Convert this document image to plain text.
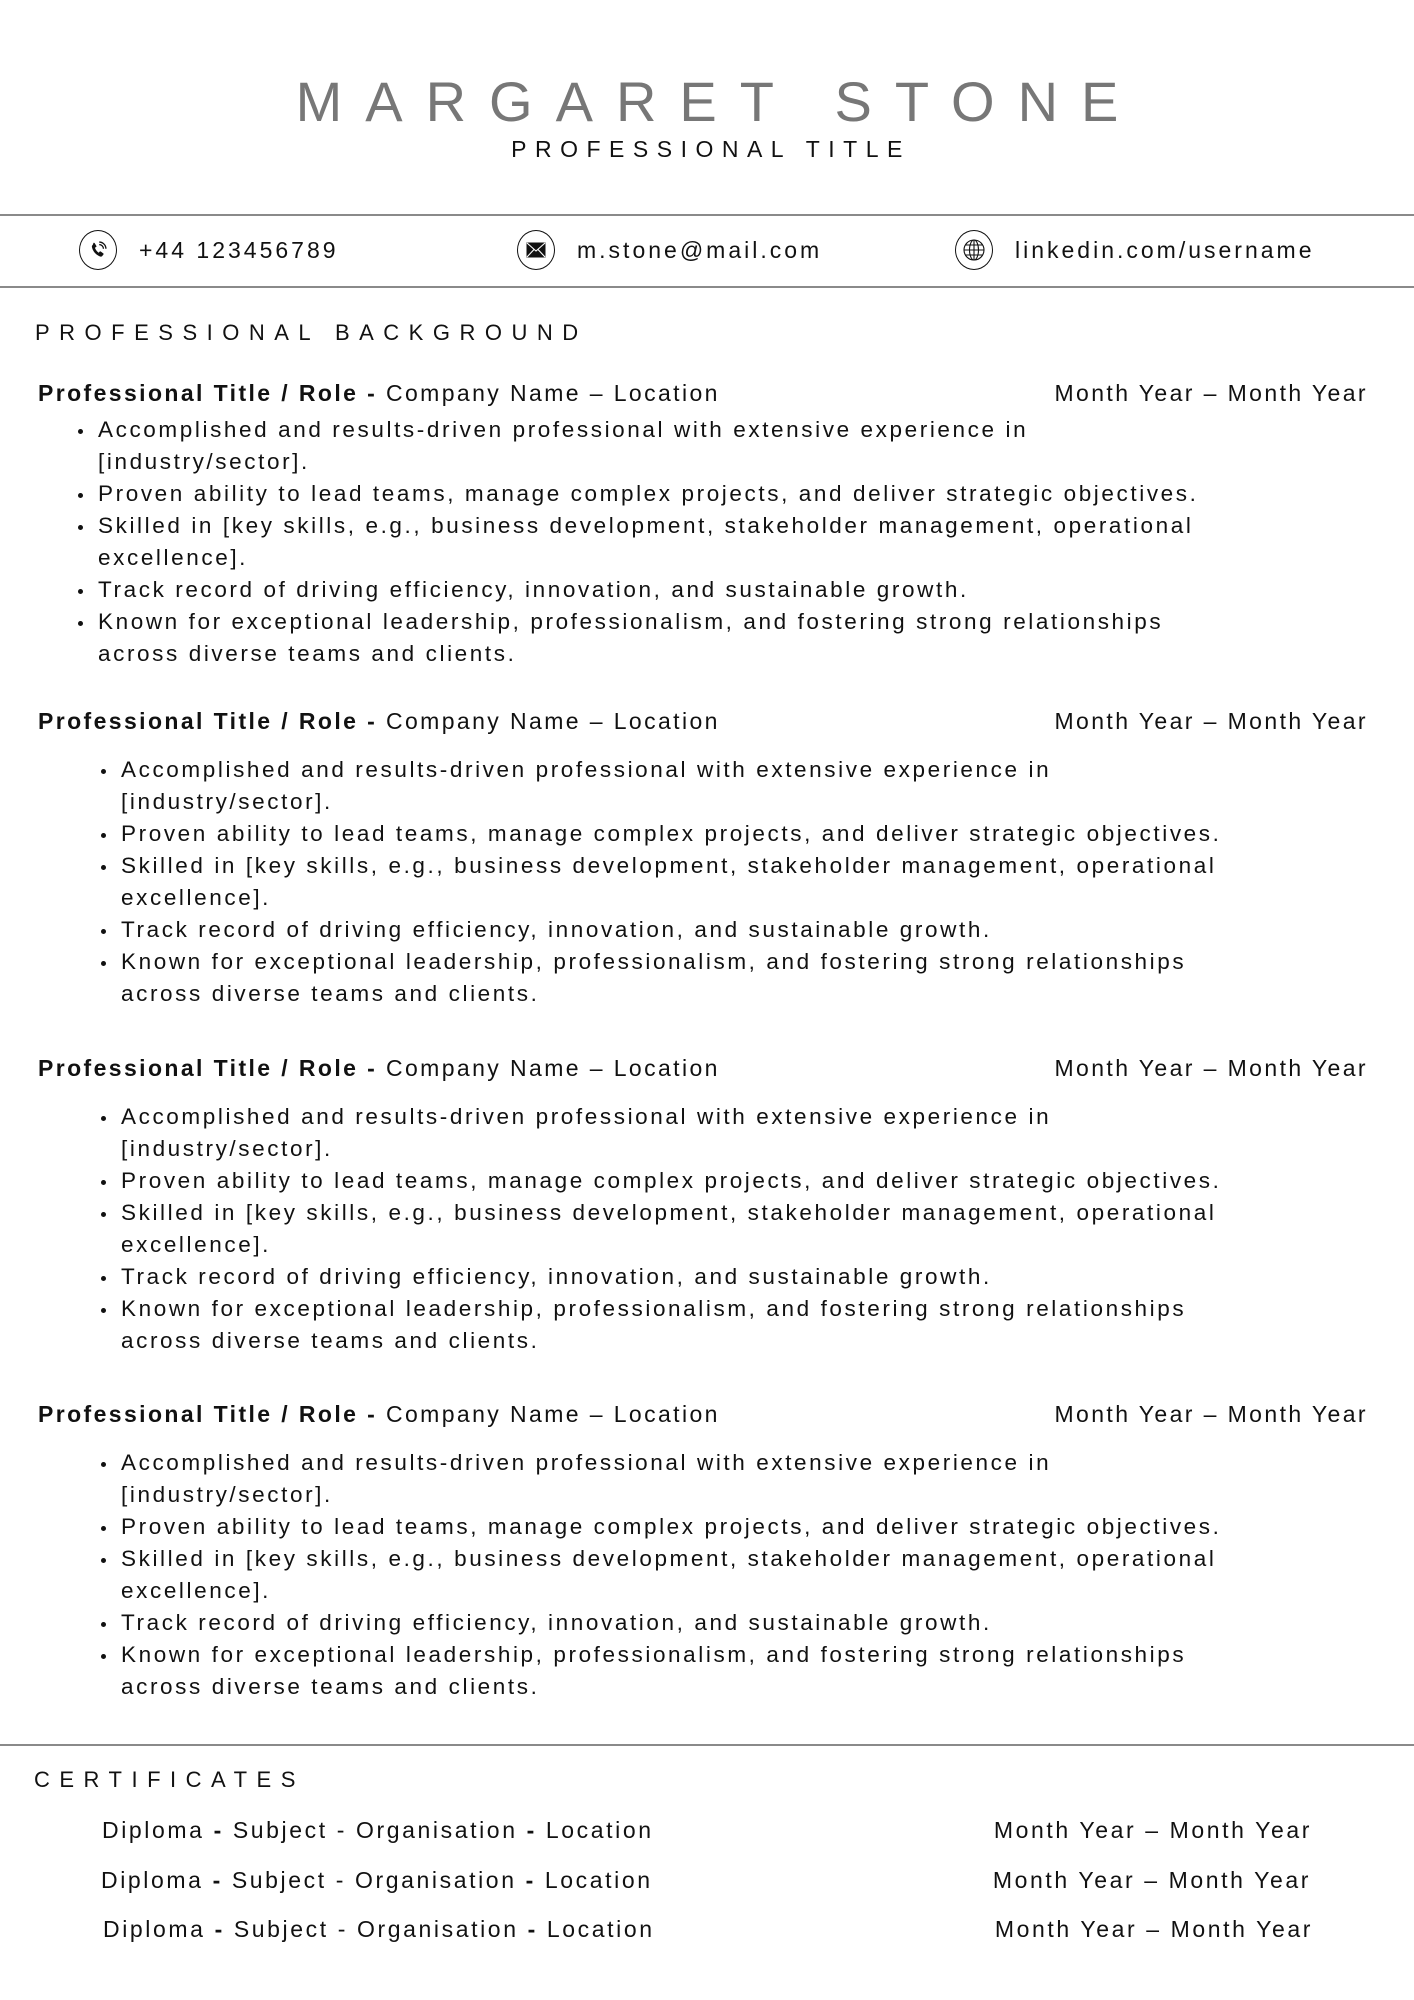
MARGARET STONE
PROFESSIONAL TITLE
+44 123456789	m.stone@mail.com	linkedin.com/username
PROFESSIONAL BACKGROUND
Professional Title / Role - Company Name – Location	Month Year – Month Year
Accomplished and results-driven professional with extensive experience in
[industry/sector].
Proven ability to lead teams, manage complex projects, and deliver strategic objectives.
Skilled in [key skills, e.g., business development, stakeholder management, operational
excellence].
Track record of driving efficiency, innovation, and sustainable growth.
Known for exceptional leadership, professionalism, and fostering strong relationships
across diverse teams and clients.
Professional Title / Role - Company Name – Location	Month Year – Month Year
Accomplished and results-driven professional with extensive experience in
[industry/sector].
Proven ability to lead teams, manage complex projects, and deliver strategic objectives.
Skilled in [key skills, e.g., business development, stakeholder management, operational
excellence].
Track record of driving efficiency, innovation, and sustainable growth.
Known for exceptional leadership, professionalism, and fostering strong relationships
across diverse teams and clients.
Professional Title / Role - Company Name – Location	Month Year – Month Year
Accomplished and results-driven professional with extensive experience in
[industry/sector].
Proven ability to lead teams, manage complex projects, and deliver strategic objectives.
Skilled in [key skills, e.g., business development, stakeholder management, operational
excellence].
Track record of driving efficiency, innovation, and sustainable growth.
Known for exceptional leadership, professionalism, and fostering strong relationships
across diverse teams and clients.
Professional Title / Role - Company Name – Location	Month Year – Month Year
Accomplished and results-driven professional with extensive experience in
[industry/sector].
Proven ability to lead teams, manage complex projects, and deliver strategic objectives.
Skilled in [key skills, e.g., business development, stakeholder management, operational
excellence].
Track record of driving efficiency, innovation, and sustainable growth.
Known for exceptional leadership, professionalism, and fostering strong relationships
across diverse teams and clients.
CERTIFICATES
Diploma - Subject - Organisation - Location	Month Year – Month Year
Diploma - Subject - Organisation - Location	Month Year – Month Year
Diploma - Subject - Organisation - Location	Month Year – Month Year
